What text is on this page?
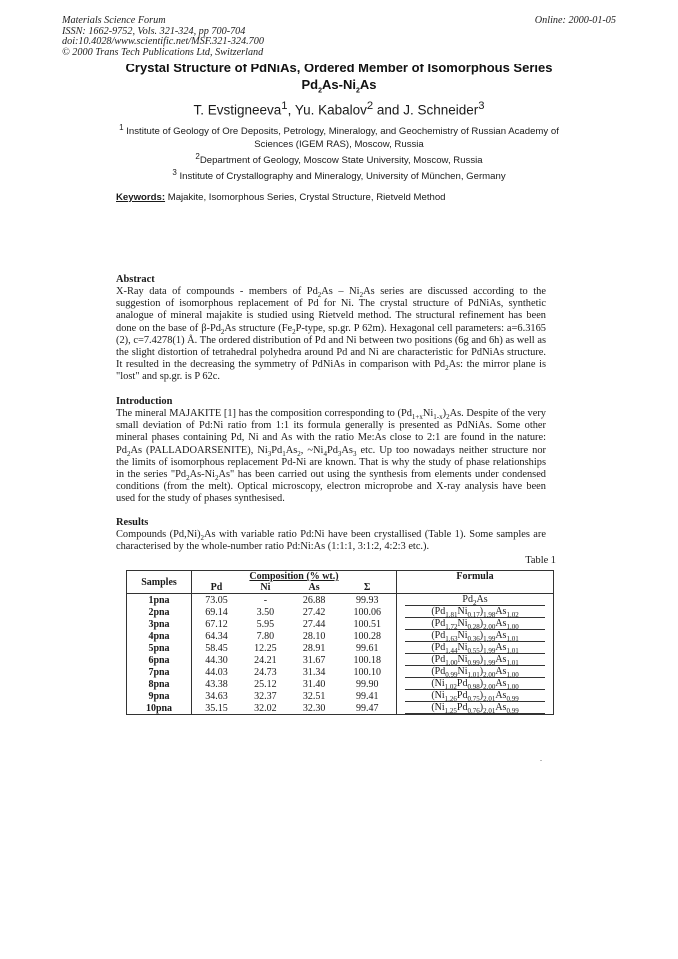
Materials Science Forum
ISSN: 1662-9752, Vols. 321-324, pp 700-704
doi:10.4028/www.scientific.net/MSF.321-324.700
© 2000 Trans Tech Publications Ltd, Switzerland
Online: 2000-01-05
Crystal Structure of PdNiAs, Ordered Member of Isomorphous Series
$Pd_2As-Ni_2As$
T. Evstigneeva$^1$, Yu. Kabalov$^2$ and J. Schneider$^3$
$^1$ Institute of Geology of Ore Deposits, Petrology, Mineralogy, and Geochemistry of Russian Academy of Sciences (IGEM RAS), Moscow, Russia
$^2$Department of Geology, Moscow State University, Moscow, Russia
$^3$ Institute of Crystallography and Mineralogy, University of München, Germany
Keywords: Majakite, Isomorphous Series, Crystal Structure, Rietveld Method
Abstract
X-Ray data of compounds - members of $Pd_2As - Ni_2As$ series are discussed according to the suggestion of isomorphous replacement of Pd for Ni. The crystal structure of PdNiAs, synthetic analogue of mineral majakite is studied using Rietveld method. The structural refinement has been done on the base of $\beta-Pd_2As$ structure ($Fe_2P$-type, sp.gr. P 62m). Hexagonal cell parameters: a=6.3165 (2), c=7.4278(1) Å. The ordered distribution of Pd and Ni between two positions (6g and 6h) as well as the slight distortion of tetrahedral polyhedra around Pd and Ni are characteristic for PdNiAs structure. It resulted in the decreasing the symmetry of PdNiAs in comparison with $Pd_2As$: the mirror plane is "lost" and sp.gr. is P 62c.
Introduction
The mineral MAJAKITE [1] has the composition corresponding to $(Pd_{1+x}Ni_{1-x})_2As$. Despite of the very small deviation of Pd:Ni ratio from 1:1 its formula generally is presented as PdNiAs. Some other mineral phases containing Pd, Ni and As with the ratio Me:As close to 2:1 are found in the nature: $Pd_2As$ (PALLADOARSENITE), $Ni_3Pd_1As_2$, $\sim Ni_4Pd_3As_3$ etc. Up too nowadays neither structure nor the limits of isomorphous replacement Pd-Ni are known. That is why the study of phase relationships in the series "$Pd_2As-Ni_2As$" has been carried out using the synthesis from elements under condensed conditions (from the melt). Optical microscopy, electron microprobe and X-ray analysis have been used for the study of phases synthesised.
Results
Compounds $(Pd,Ni)_2As$ with variable ratio Pd:Ni have been crystallised (Table 1). Some samples are characterised by the whole-number ratio Pd:Ni:As (1:1:1, 3:1:2, 4:2:3 etc.).
Table 1
Samples	Composition (% wt.)				Formula
	Pd	Ni	As	Σ	
1pna	73.05	-	26.88	99.93	$Pd_2As$
2pna	69.14	3.50	27.42	100.06	$(Pd_{1.81}Ni_{0.17})_{1.98}As_{1.02}$
3pna	67.12	5.95	27.44	100.51	$(Pd_{1.72}Ni_{0.28})_{2.00}As_{1.00}$
4pna	64.34	7.80	28.10	100.28	$(Pd_{1.63}Ni_{0.36})_{1.99}As_{1.01}$
5pna	58.45	12.25	28.91	99.61	$(Pd_{1.44}Ni_{0.55})_{1.99}As_{1.01}$
6pna	44.30	24.21	31.67	100.18	$(Pd_{1.00}Ni_{0.99})_{1.99}As_{1.01}$
7pna	44.03	24.73	31.34	100.10	$(Pd_{0.99}Ni_{1.01})_{2.00}As_{1.00}$
8pna	43.38	25.12	31.40	99.90	$(Ni_{1.02}Pd_{0.98})_{2.00}As_{1.00}$
9pna	34.63	32.37	32.51	99.41	$(Ni_{1.26}Pd_{0.75})_{2.01}As_{0.99}$
10pna	35.15	32.02	32.30	99.47	$(Ni_{1.25}Pd_{0.76})_{2.01}As_{0.99}$
